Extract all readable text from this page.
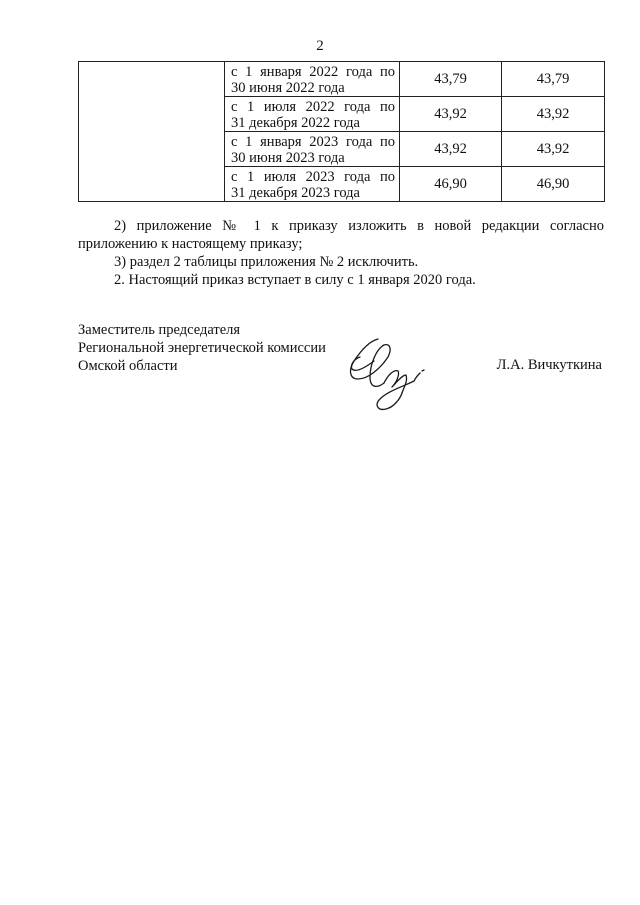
2

	с 1 января 2022 года по
30 июня 2022 года	43,79	43,79

	с 1 июля 2022 года по
31 декабря 2022 года	43,92	43,92

	с 1 января 2023 года по
30 июня 2023 года	43,92	43,92

	с 1 июля 2023 года по
31 декабря 2023 года	46,90	46,90
2) приложение № 1 к приказу изложить в новой редакции согласно
приложению к настоящему приказу;
3) раздел 2 таблицы приложения № 2 исключить.
2. Настоящий приказ вступает в силу с 1 января 2020 года.
Заместитель председателя
Региональной энергетической комиссии
Омской области	Л.А. Вичкуткина
